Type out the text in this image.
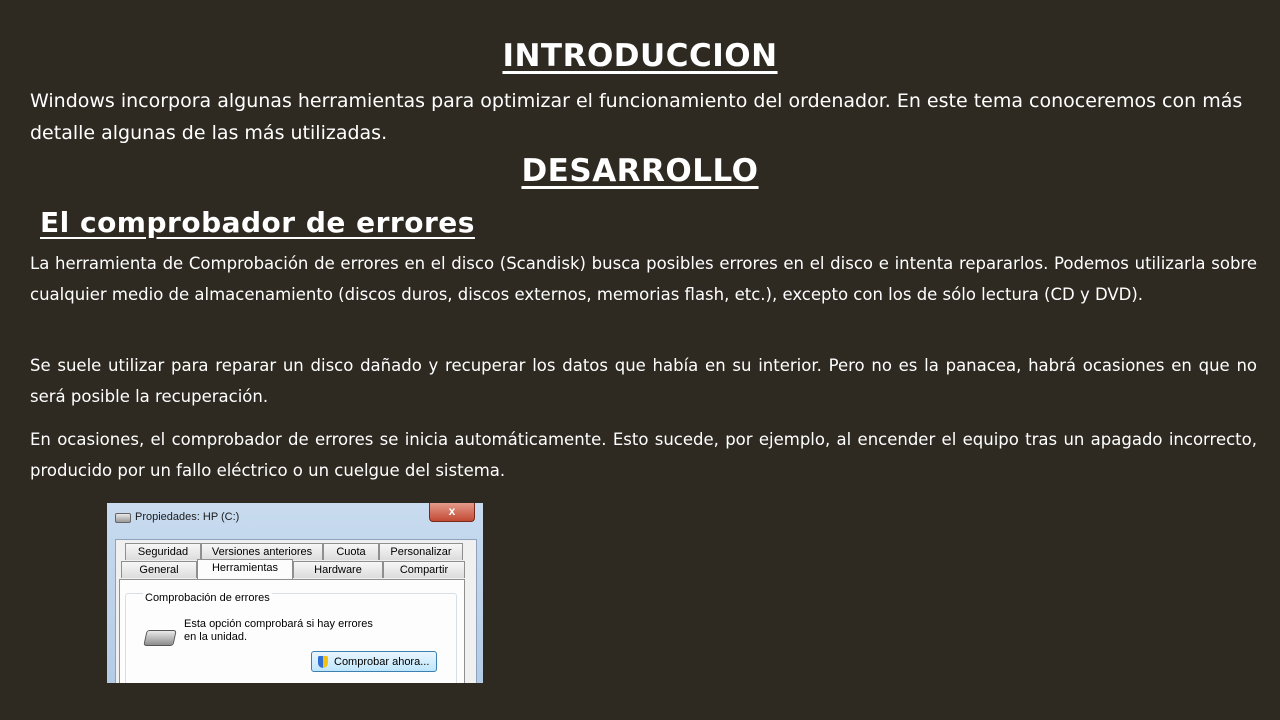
INTRODUCCION

Windows incorpora algunas herramientas para optimizar el funcionamiento del ordenador. En este tema conoceremos con más detalle algunas de las más utilizadas.

DESARROLLO
El comprobador de errores

La herramienta de Comprobación de errores en el disco (Scandisk) busca posibles errores en el disco e intenta repararlos. Podemos utilizarla sobre cualquier medio de almacenamiento (discos duros, discos externos, memorias flash, etc.), excepto con los de sólo lectura (CD y DVD).

Se suele utilizar para reparar un disco dañado y recuperar los datos que había en su interior. Pero no es la panacea, habrá ocasiones en que no será posible la recuperación.

En ocasiones, el comprobador de errores se inicia automáticamente. Esto sucede, por ejemplo, al encender el equipo tras un apagado incorrecto, producido por un fallo eléctrico o un cuelgue del sistema.

Propiedades: HP (C:)	x
Seguridad	Versiones anteriores	Cuota	Personalizar
General	Herramientas	Hardware	Compartir
Comprobación de errores
Esta opción comprobará si hay errores en la unidad.
Comprobar ahora...
